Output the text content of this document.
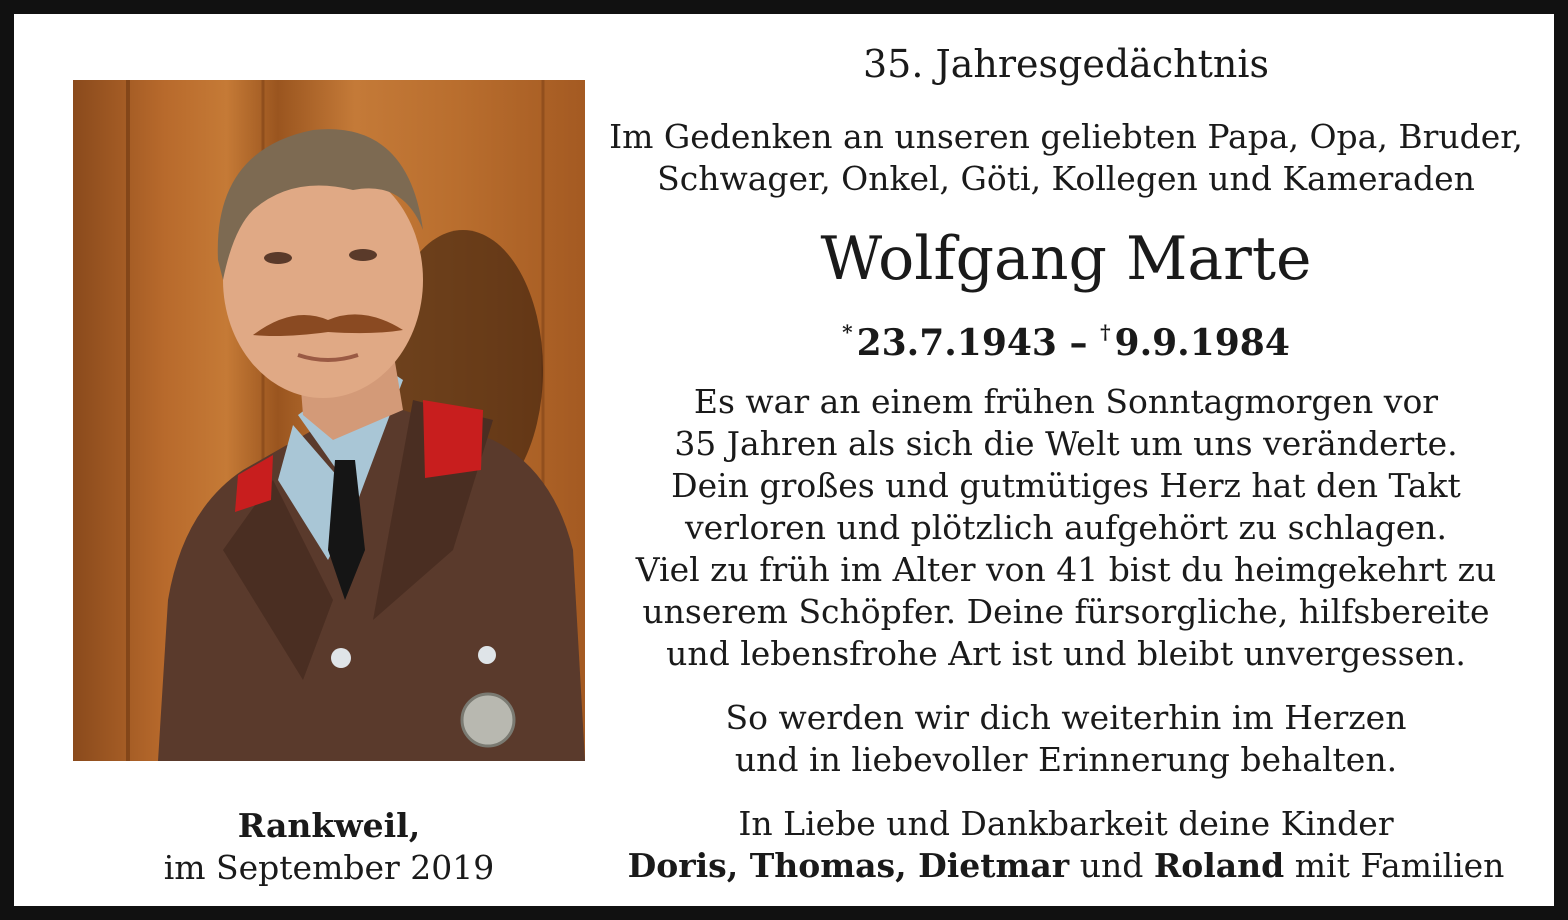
Rankweil,
im September 2019
35. Jahresgedächtnis
Im Gedenken an unseren geliebten Papa, Opa, Bruder,
Schwager, Onkel, Göti, Kollegen und Kameraden
Wolfgang Marte
* 23.7.1943 – † 9.9.1984
Es war an einem frühen Sonntagmorgen vor
35 Jahren als sich die Welt um uns veränderte.
Dein großes und gutmütiges Herz hat den Takt
verloren und plötzlich aufgehört zu schlagen.
Viel zu früh im Alter von 41 bist du heimgekehrt zu
unserem Schöpfer. Deine fürsorgliche, hilfsbereite
und lebensfrohe Art ist und bleibt unvergessen.
So werden wir dich weiterhin im Herzen
und in liebevoller Erinnerung behalten.
In Liebe und Dankbarkeit deine Kinder
Doris, Thomas, Dietmar und Roland mit Familien
